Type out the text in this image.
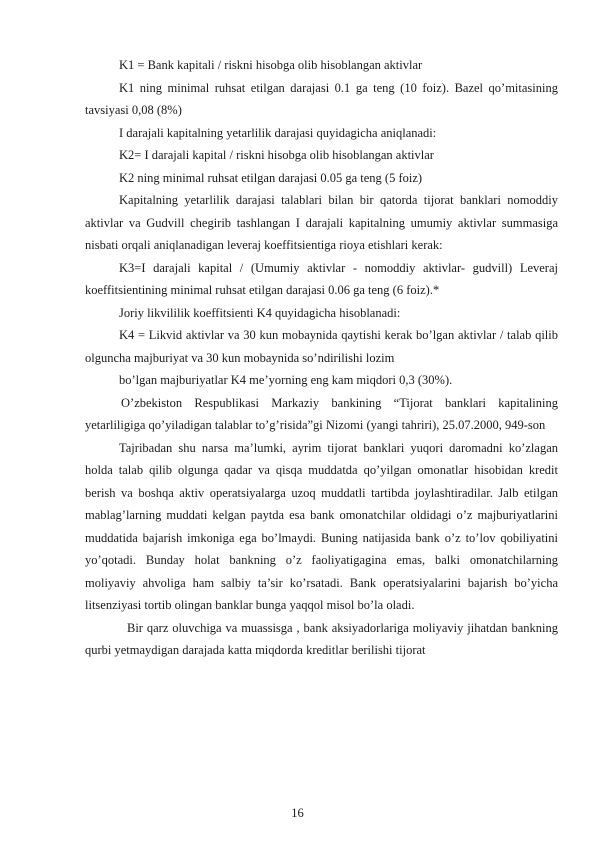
K1 = Bank kapitali / riskni hisobga olib hisoblangan aktivlar

K1 ning minimal ruhsat etilgan darajasi 0.1 ga teng (10 foiz). Bazel qo’mitasining tavsiyasi 0,08 (8%)

I darajali kapitalning yetarlilik darajasi quyidagicha aniqlanadi:

K2= I darajali kapital / riskni hisobga olib hisoblangan aktivlar

K2 ning minimal ruhsat etilgan darajasi 0.05 ga teng (5 foiz)

Kapitalning yetarlilik darajasi talablari bilan bir qatorda tijorat banklari nomoddiy aktivlar va Gudvill chegirib tashlangan I darajali kapitalning umumiy aktivlar summasiga nisbati orqali aniqlanadigan leveraj koeffitsientiga rioya etishlari kerak:

K3=I darajali kapital / (Umumiy aktivlar - nomoddiy aktivlar- gudvill) Leveraj koeffitsientining minimal ruhsat etilgan darajasi 0.06 ga teng (6 foiz).*

Joriy likvililik koeffitsienti K4 quyidagicha hisoblanadi:

K4 = Likvid aktivlar va 30 kun mobaynida qaytishi kerak bo’lgan aktivlar / talab qilib olguncha majburiyat va 30 kun mobaynida so’ndirilishi lozim

bo’lgan majburiyatlar K4 me’yorning eng kam miqdori 0,3 (30%).

O’zbekiston Respublikasi Markaziy bankining “Tijorat banklari kapitalining yetarliligiga qo’yiladigan talablar to’g’risida”gi Nizomi (yangi tahriri), 25.07.2000, 949-son

Tajribadan shu narsa ma’lumki, ayrim tijorat banklari yuqori daromadni ko’zlagan holda talab qilib olgunga qadar va qisqa muddatda qo’yilgan omonatlar hisobidan kredit berish va boshqa aktiv operatsiyalarga uzoq muddatli tartibda joylashtiradilar. Jalb etilgan mablag’larning muddati kelgan paytda esa bank omonatchilar oldidagi o’z majburiyatlarini muddatida bajarish imkoniga ega bo’lmaydi. Buning natijasida bank o’z to’lov qobiliyatini yo’qotadi. Bunday holat bankning o’z faoliyatigagina emas, balki omonatchilarning moliyaviy ahvoliga ham salbiy ta’sir ko’rsatadi. Bank operatsiyalarini bajarish bo’yicha litsenziyasi tortib olingan banklar bunga yaqqol misol bo’la oladi.

Bir qarz oluvchiga va muassisga , bank aksiyadorlariga moliyaviy jihatdan bankning qurbi yetmaydigan darajada katta miqdorda kreditlar berilishi tijorat

16
